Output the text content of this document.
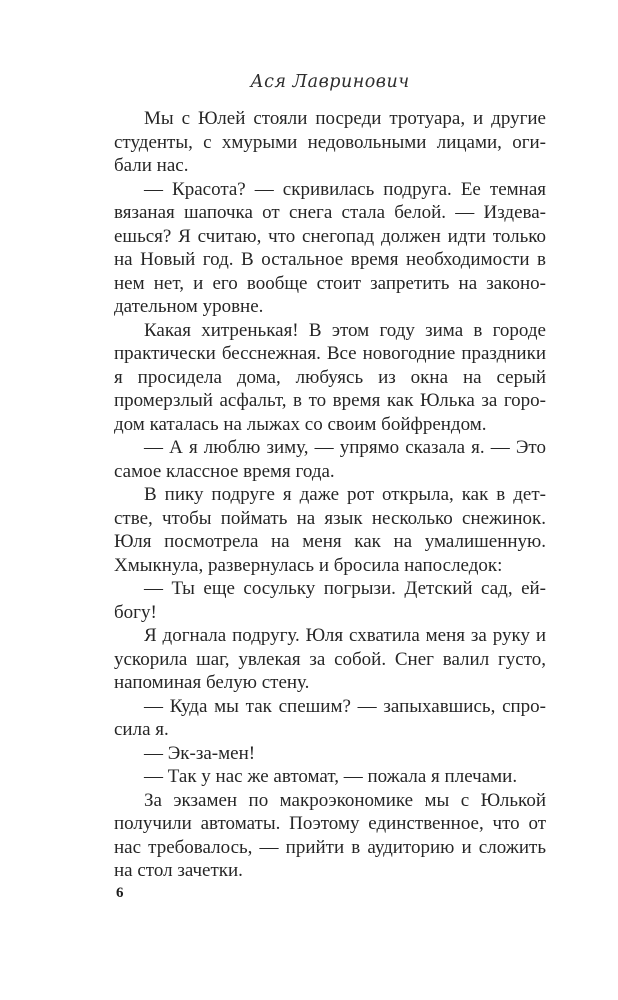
Ася Лавринович

Мы с Юлей стояли посреди тротуара, и другие студенты, с хмурыми недовольными лицами, огибали нас.

— Красота? — скривилась подруга. Ее темная вязаная шапочка от снега стала белой. — Издеваешься? Я считаю, что снегопад должен идти только на Новый год. В остальное время необходимости в нем нет, и его вообще стоит запретить на законодательном уровне.

Какая хитренькая! В этом году зима в городе практически бесснежная. Все новогодние праздники я просидела дома, любуясь из окна на серый промерзлый асфальт, в то время как Юлька за городом каталась на лыжах со своим бойфрендом.

— А я люблю зиму, — упрямо сказала я. — Это самое классное время года.

В пику подруге я даже рот открыла, как в детстве, чтобы поймать на язык несколько снежинок. Юля посмотрела на меня как на умалишенную. Хмыкнула, развернулась и бросила напоследок:

— Ты еще сосульку погрызи. Детский сад, ей-богу!

Я догнала подругу. Юля схватила меня за руку и ускорила шаг, увлекая за собой. Снег валил густо, напоминая белую стену.

— Куда мы так спешим? — запыхавшись, спросила я.

— Эк-за-мен!

— Так у нас же автомат, — пожала я плечами.

За экзамен по макроэкономике мы с Юлькой получили автоматы. Поэтому единственное, что от нас требовалось, — прийти в аудиторию и сложить на стол зачетки.

6
